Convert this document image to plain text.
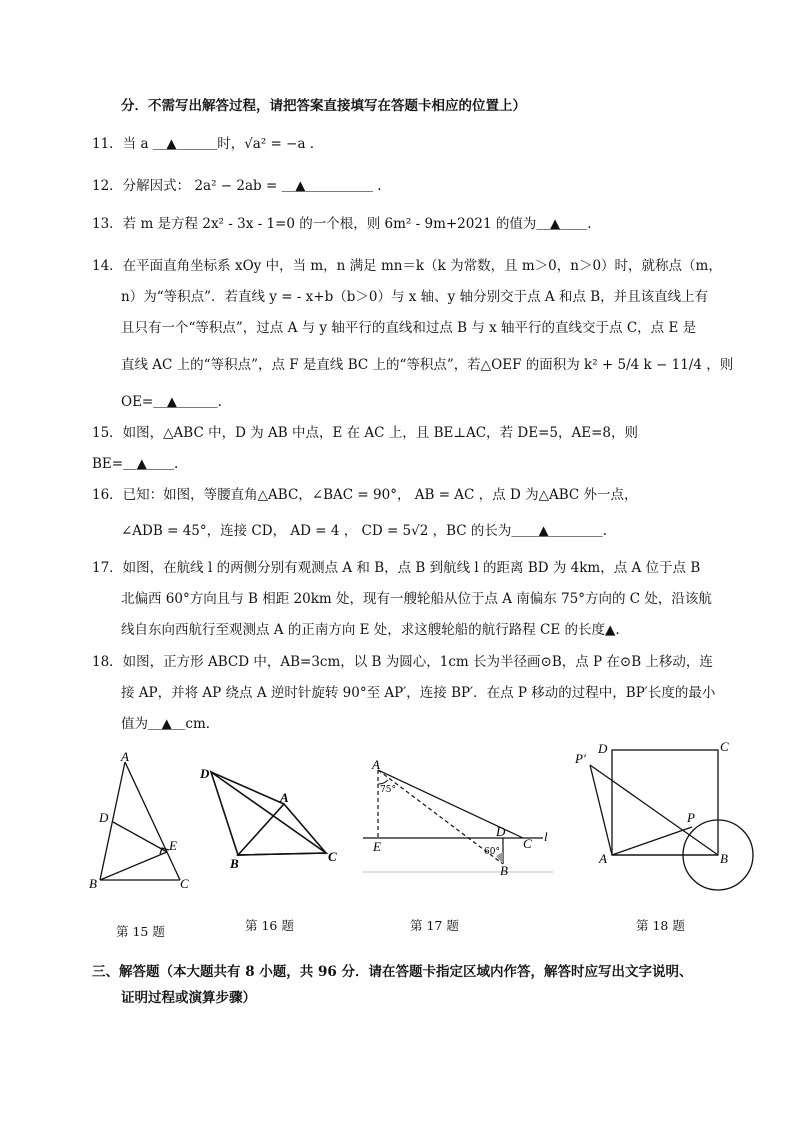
分．不需写出解答过程，请把答案直接填写在答题卡相应的位置上）
11．当 a ＿▲＿＿＿时，√a² = −a .
12．分解因式： 2a² − 2ab = ＿▲＿＿＿＿＿ .
13．若 m 是方程 2x² - 3x - 1=0 的一个根，则 6m² - 9m+2021 的值为＿▲＿＿.
14．在平面直角坐标系 xOy 中，当 m，n 满足 mn＝k（k 为常数，且 m＞0，n＞0）时，就称点（m，
n）为“等积点”．若直线 y = - x+b（b＞0）与 x 轴、y 轴分别交于点 A 和点 B，并且该直线上有
且只有一个“等积点”，过点 A 与 y 轴平行的直线和过点 B 与 x 轴平行的直线交于点 C，点 E 是
直线 AC 上的“等积点”，点 F 是直线 BC 上的“等积点”，若△OEF 的面积为 k² + 5/4 k − 11/4 ，则
OE=＿▲＿＿＿.
15．如图，△ABC 中，D 为 AB 中点，E 在 AC 上，且 BE⊥AC，若 DE=5，AE=8，则
BE=＿▲＿＿.
16．已知：如图，等腰直角△ABC，∠BAC = 90°， AB = AC ，点 D 为△ABC 外一点，
∠ADB = 45°，连接 CD， AD = 4 ， CD = 5√2 ，BC 的长为＿＿▲＿＿＿＿.
17．如图，在航线 l 的两侧分别有观测点 A 和 B，点 B 到航线 l 的距离 BD 为 4km，点 A 位于点 B
北偏西 60°方向且与 B 相距 20km 处，现有一艘轮船从位于点 A 南偏东 75°方向的 C 处，沿该航
线自东向西航行至观测点 A 的正南方向 E 处，求这艘轮船的航行路程 CE 的长度▲.
18．如图，正方形 ABCD 中，AB=3cm，以 B 为圆心，1cm 长为半径画⊙B，点 P 在⊙B 上移动，连
接 AP，并将 AP 绕点 A 逆时针旋转 90°至 AP′，连接 BP′．在点 P 移动的过程中，BP′长度的最小
值为＿▲＿cm．
A
D
E
B	C
第 15 题
D
A
B	C
第 16 题
A
75°
D
C l
E	60°
B
第 17 题
D	C
P′
P
A	B
第 18 题
三、解答题（本大题共有 8 小题，共 96 分．请在答题卡指定区域内作答，解答时应写出文字说明、
证明过程或演算步骤）
